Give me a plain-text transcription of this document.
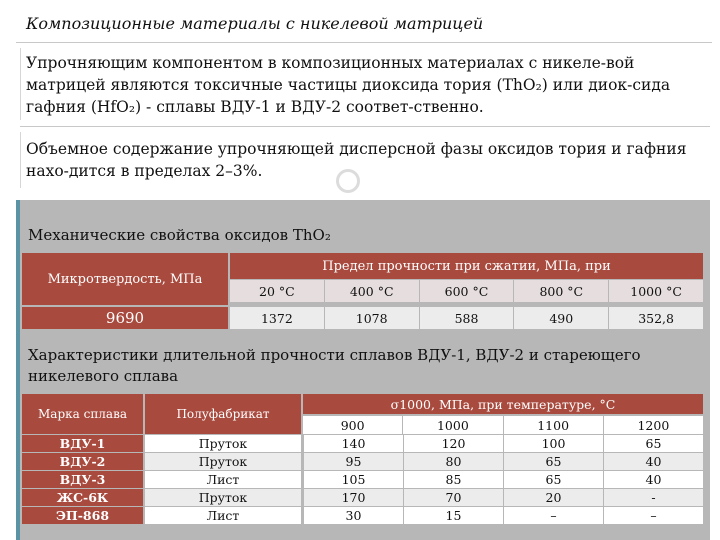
Композиционные материалы с никелевой матрицей
Упрочняющим компонентом в композиционных материалах с никеле-вой матрицей являются токсичные частицы диоксида тория (ThO₂) или диок-сида гафния (HfO₂) - сплавы ВДУ-1 и ВДУ-2 соответ-ственно.
Объемное содержание упрочняющей дисперсной фазы оксидов тория и гафния нахо-дится в пределах 2–3%.
Механические свойства оксидов ThO₂
Микротвердость, МПа
9690
Предел прочности при сжатии, МПа, при
20 °С	400 °С	600 °С	800 °С	1000 °С
1372	1078	588	490	352,8
Характеристики длительной прочности сплавов ВДУ-1, ВДУ-2 и стареющего никелевого сплава
Марка сплава	Полуфабрикат
σ1000, МПа, при температуре, °С
900	1000	1100	1200
ВДУ-1	Пруток	140	120	100	65
ВДУ-2	Пруток	95	80	65	40
ВДУ-3	Лист	105	85	65	40
ЖС-6К	Пруток	170	70	20	-
ЭП-868	Лист	30	15	–	–
